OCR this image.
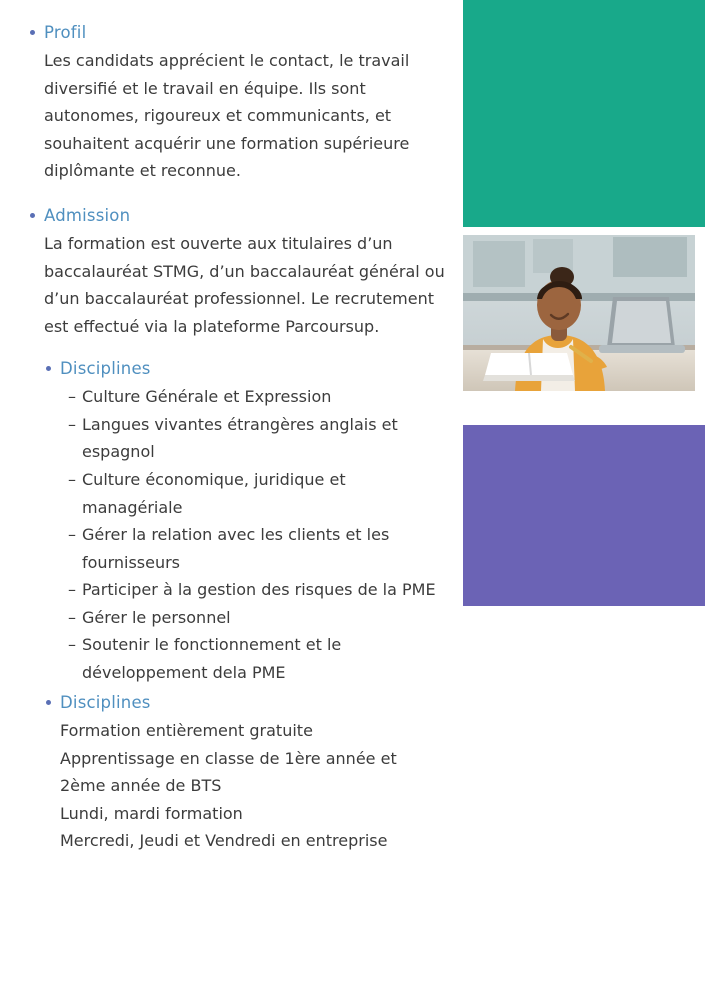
Profil

Les candidats apprécient le contact, le travail diversifié et le travail en équipe. Ils sont autonomes, rigoureux et communicants, et souhaitent acquérir une formation supérieure diplômante et reconnue.

Admission

La formation est ouverte aux titulaires d’un baccalauréat STMG, d’un baccalauréat général ou d’un baccalauréat professionnel. Le recrutement est effectué via la plateforme Parcoursup.

Disciplines

– Culture Générale et Expression
– Langues vivantes étrangères anglais et espagnol
– Culture économique, juridique et managériale
– Gérer la relation avec les clients et les fournisseurs
– Participer à la gestion des risques de la PME
– Gérer le personnel
– Soutenir le fonctionnement et le développement dela PME

Disciplines

Formation entièrement gratuite
Apprentissage en classe de 1ère année et 2ème année de BTS
Lundi, mardi formation
Mercredi, Jeudi et Vendredi en entreprise
